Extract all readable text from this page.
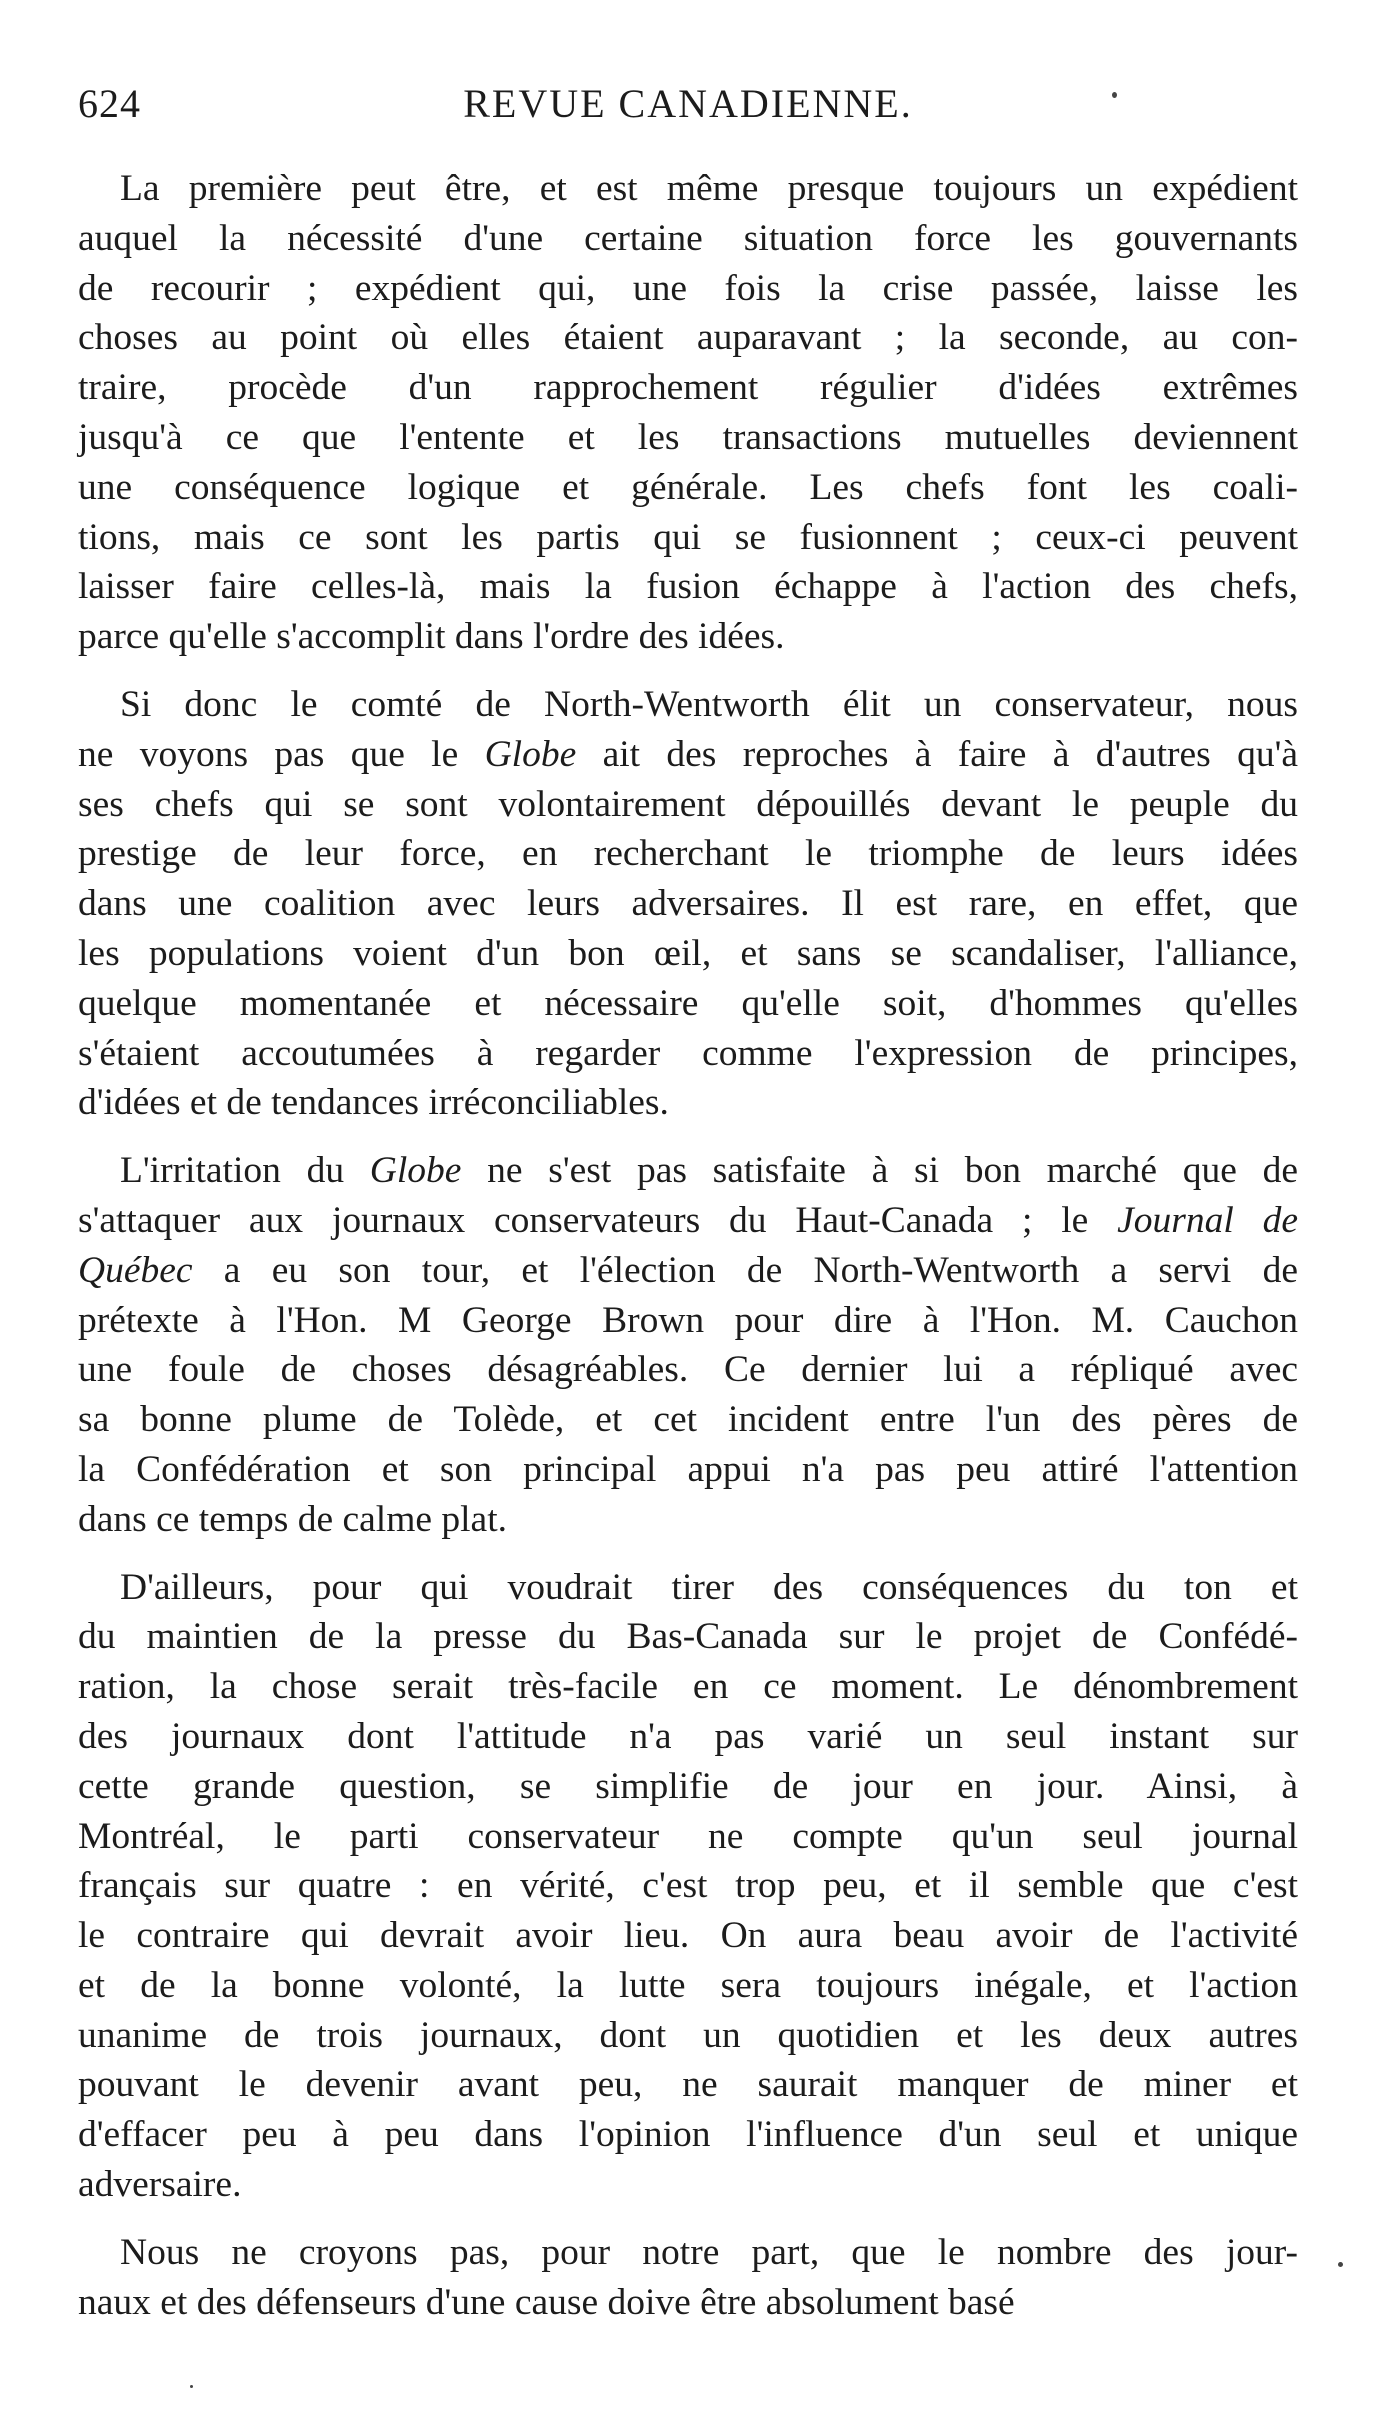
624	REVUE CANADIENNE.
La première peut être, et est même presque toujours un expédient
auquel la nécessité d'une certaine situation force les gouvernants
de recourir ; expédient qui, une fois la crise passée, laisse les
choses au point où elles étaient auparavant ; la seconde, au con-
traire, procède d'un rapprochement régulier d'idées extrêmes
jusqu'à ce que l'entente et les transactions mutuelles deviennent
une conséquence logique et générale. Les chefs font les coali-
tions, mais ce sont les partis qui se fusionnent ; ceux-ci peuvent
laisser faire celles-là, mais la fusion échappe à l'action des chefs,
parce qu'elle s'accomplit dans l'ordre des idées.
Si donc le comté de North-Wentworth élit un conservateur, nous
ne voyons pas que le Globe ait des reproches à faire à d'autres qu'à
ses chefs qui se sont volontairement dépouillés devant le peuple du
prestige de leur force, en recherchant le triomphe de leurs idées
dans une coalition avec leurs adversaires. Il est rare, en effet, que
les populations voient d'un bon œil, et sans se scandaliser, l'alliance,
quelque momentanée et nécessaire qu'elle soit, d'hommes qu'elles
s'étaient accoutumées à regarder comme l'expression de principes,
d'idées et de tendances irréconciliables.
L'irritation du Globe ne s'est pas satisfaite à si bon marché que de
s'attaquer aux journaux conservateurs du Haut-Canada ; le Journal de
Québec a eu son tour, et l'élection de North-Wentworth a servi de
prétexte à l'Hon. M George Brown pour dire à l'Hon. M. Cauchon
une foule de choses désagréables. Ce dernier lui a répliqué avec
sa bonne plume de Tolède, et cet incident entre l'un des pères de
la Confédération et son principal appui n'a pas peu attiré l'attention
dans ce temps de calme plat.
D'ailleurs, pour qui voudrait tirer des conséquences du ton et
du maintien de la presse du Bas-Canada sur le projet de Confédé-
ration, la chose serait très-facile en ce moment. Le dénombrement
des journaux dont l'attitude n'a pas varié un seul instant sur
cette grande question, se simplifie de jour en jour. Ainsi, à
Montréal, le parti conservateur ne compte qu'un seul journal
français sur quatre : en vérité, c'est trop peu, et il semble que c'est
le contraire qui devrait avoir lieu. On aura beau avoir de l'activité
et de la bonne volonté, la lutte sera toujours inégale, et l'action
unanime de trois journaux, dont un quotidien et les deux autres
pouvant le devenir avant peu, ne saurait manquer de miner et
d'effacer peu à peu dans l'opinion l'influence d'un seul et unique
adversaire.
Nous ne croyons pas, pour notre part, que le nombre des jour-
naux et des défenseurs d'une cause doive être absolument basé
